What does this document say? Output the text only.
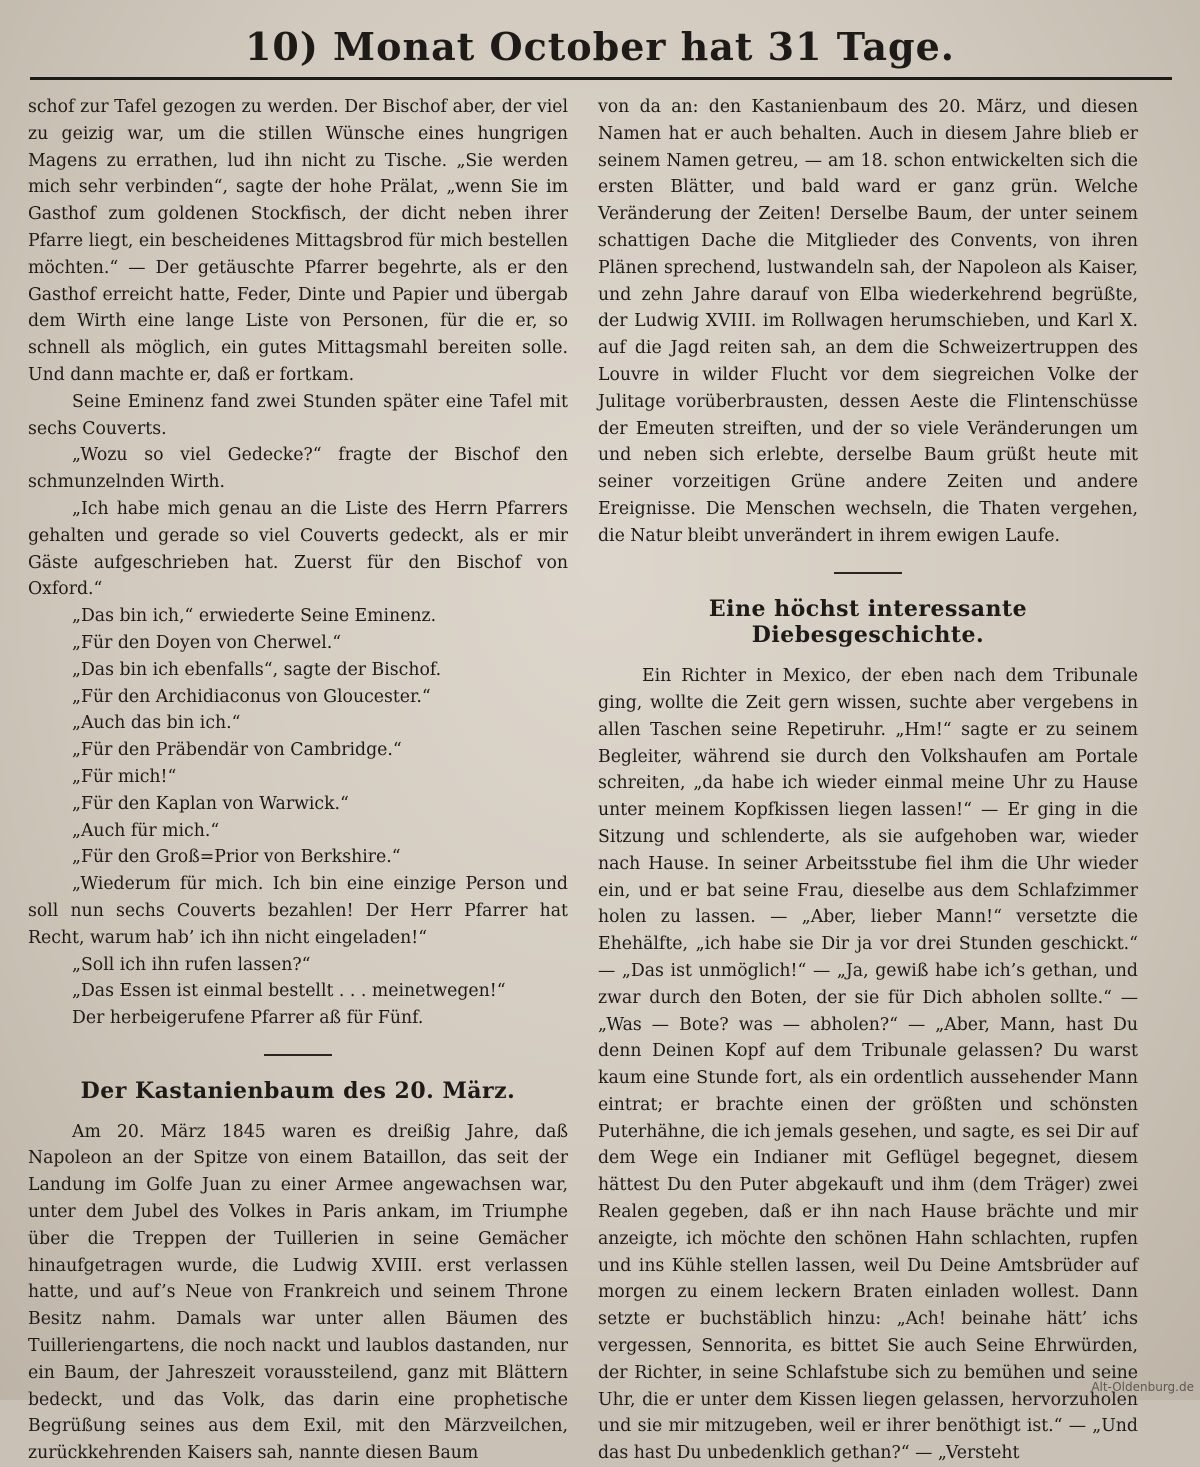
10) Monat October hat 31 Tage.

schof zur Tafel gezogen zu werden. Der Bischof aber, der viel zu geizig war, um die stillen Wünsche eines hungrigen Magens zu errathen, lud ihn nicht zu Tische. „Sie werden mich sehr verbinden“, sagte der hohe Prälat, „wenn Sie im Gasthof zum goldenen Stockfisch, der dicht neben ihrer Pfarre liegt, ein bescheidenes Mittagsbrod für mich bestellen möchten.“ — Der getäuschte Pfarrer begehrte, als er den Gasthof erreicht hatte, Feder, Dinte und Papier und übergab dem Wirth eine lange Liste von Personen, für die er, so schnell als möglich, ein gutes Mittagsmahl bereiten solle. Und dann machte er, daß er fortkam.

Seine Eminenz fand zwei Stunden später eine Tafel mit sechs Couverts.

„Wozu so viel Gedecke?“ fragte der Bischof den schmunzelnden Wirth.

„Ich habe mich genau an die Liste des Herrn Pfarrers gehalten und gerade so viel Couverts gedeckt, als er mir Gäste aufgeschrieben hat. Zuerst für den Bischof von Oxford.“

„Das bin ich,“ erwiederte Seine Eminenz.

„Für den Doyen von Cherwel.“

„Das bin ich ebenfalls“, sagte der Bischof.

„Für den Archidiaconus von Gloucester.“

„Auch das bin ich.“

„Für den Präbendär von Cambridge.“

„Für mich!“

„Für den Kaplan von Warwick.“

„Auch für mich.“

„Für den Groß=Prior von Berkshire.“

„Wiederum für mich. Ich bin eine einzige Person und soll nun sechs Couverts bezahlen! Der Herr Pfarrer hat Recht, warum hab’ ich ihn nicht eingeladen!“

„Soll ich ihn rufen lassen?“

„Das Essen ist einmal bestellt . . . meinetwegen!“

Der herbeigerufene Pfarrer aß für Fünf.

Der Kastanienbaum des 20. März.

Am 20. März 1845 waren es dreißig Jahre, daß Napoleon an der Spitze von einem Bataillon, das seit der Landung im Golfe Juan zu einer Armee angewachsen war, unter dem Jubel des Volkes in Paris ankam, im Triumphe über die Treppen der Tuillerien in seine Gemächer hinaufgetragen wurde, die Ludwig XVIII. erst verlassen hatte, und auf’s Neue von Frankreich und seinem Throne Besitz nahm. Damals war unter allen Bäumen des Tuilleriengartens, die noch nackt und laublos dastanden, nur ein Baum, der Jahreszeit voraussteilend, ganz mit Blättern bedeckt, und das Volk, das darin eine prophetische Begrüßung seines aus dem Exil, mit den Märzveilchen, zurückkehrenden Kaisers sah, nannte diesen Baum

von da an: den Kastanienbaum des 20. März, und diesen Namen hat er auch behalten. Auch in diesem Jahre blieb er seinem Namen getreu, — am 18. schon entwickelten sich die ersten Blätter, und bald ward er ganz grün. Welche Veränderung der Zeiten! Derselbe Baum, der unter seinem schattigen Dache die Mitglieder des Convents, von ihren Plänen sprechend, lustwandeln sah, der Napoleon als Kaiser, und zehn Jahre darauf von Elba wiederkehrend begrüßte, der Ludwig XVIII. im Rollwagen herumschieben, und Karl X. auf die Jagd reiten sah, an dem die Schweizertruppen des Louvre in wilder Flucht vor dem siegreichen Volke der Julitage vorüberbrausten, dessen Aeste die Flintenschüsse der Emeuten streiften, und der so viele Veränderungen um und neben sich erlebte, derselbe Baum grüßt heute mit seiner vorzeitigen Grüne andere Zeiten und andere Ereignisse. Die Menschen wechseln, die Thaten vergehen, die Natur bleibt unverändert in ihrem ewigen Laufe.

Eine höchst interessante Diebesgeschichte.

Ein Richter in Mexico, der eben nach dem Tribunale ging, wollte die Zeit gern wissen, suchte aber vergebens in allen Taschen seine Repetiruhr. „Hm!“ sagte er zu seinem Begleiter, während sie durch den Volkshaufen am Portale schreiten, „da habe ich wieder einmal meine Uhr zu Hause unter meinem Kopfkissen liegen lassen!“ — Er ging in die Sitzung und schlenderte, als sie aufgehoben war, wieder nach Hause. In seiner Arbeitsstube fiel ihm die Uhr wieder ein, und er bat seine Frau, dieselbe aus dem Schlafzimmer holen zu lassen. — „Aber, lieber Mann!“ versetzte die Ehehälfte, „ich habe sie Dir ja vor drei Stunden geschickt.“ — „Das ist unmöglich!“ — „Ja, gewiß habe ich’s gethan, und zwar durch den Boten, der sie für Dich abholen sollte.“ — „Was — Bote? was — abholen?“ — „Aber, Mann, hast Du denn Deinen Kopf auf dem Tribunale gelassen? Du warst kaum eine Stunde fort, als ein ordentlich aussehender Mann eintrat; er brachte einen der größten und schönsten Puterhähne, die ich jemals gesehen, und sagte, es sei Dir auf dem Wege ein Indianer mit Geflügel begegnet, diesem hättest Du den Puter abgekauft und ihm (dem Träger) zwei Realen gegeben, daß er ihn nach Hause brächte und mir anzeigte, ich möchte den schönen Hahn schlachten, rupfen und ins Kühle stellen lassen, weil Du Deine Amtsbrüder auf morgen zu einem leckern Braten einladen wollest. Dann setzte er buchstäblich hinzu: „Ach! beinahe hätt’ ichs vergessen, Sennorita, es bittet Sie auch Seine Ehrwürden, der Richter, in seine Schlafstube sich zu bemühen und seine Uhr, die er unter dem Kissen liegen gelassen, hervorzuholen und sie mir mitzugeben, weil er ihrer benöthigt ist.“ — „Und das hast Du unbedenklich gethan?“ — „Versteht

Alt-Oldenburg.de
